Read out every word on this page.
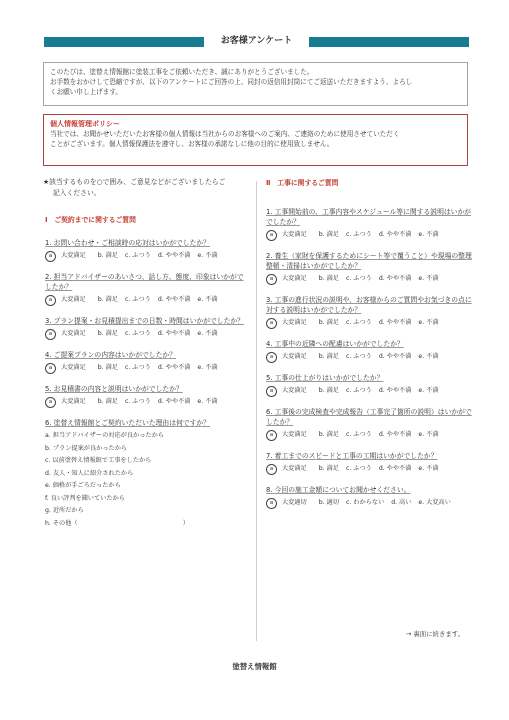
お客様アンケート
このたびは、塗替え情報館に塗装工事をご依頼いただき、誠にありがとうございました。
お手数をおかけして恐縮ですが、以下のアンケートにご回答の上、同封の返信用封筒にてご返送いただきますよう、よろし
くお願い申し上げます。
個人情報管理ポリシー
当社では、お聞かせいただいたお客様の個人情報は当社からのお客様へのご案内、ご連絡のために使用させていただく
ことがございます。個人情報保護法を遵守し、お客様の承諾なしに他の目的に使用致しません。
★該当するものを○で囲み、ご意見などがございましたらご
記入ください。
Ⅰ　ご契約までに関するご質問
1. お問い合わせ・ご相談時の応対はいかがでしたか？
a 大変満足 b. 満足 c. ふつう d. やや不満 e. 不満
2. 担当アドバイザーのあいさつ、話し方、態度、印象はいかがでしたか？
a 大変満足 b. 満足 c. ふつう d. やや不満 e. 不満
3. プラン提案・お見積提出までの日数・時間はいかがでしたか？
a 大変満足 b. 満足 c. ふつう d. やや不満 e. 不満
4. ご提案プランの内容はいかがでしたか？
a 大変満足 b. 満足 c. ふつう d. やや不満 e. 不満
5. お見積書の内容と説明はいかがでしたか？
a 大変満足 b. 満足 c. ふつう d. やや不満 e. 不満
6. 塗替え情報館とご契約いただいた理由は何ですか？
a. 担当アドバイザーの対応が良かったから
b. プラン提案が良かったから
c. 以前塗替え情報館で工事をしたから
d. 友人・知人に紹介されたから
e. 価格が手ごろだったから
f. 良い評判を聞いていたから
g. 近所だから
h. その他（　　　　　　　　　　　　　　　　　）
Ⅱ　工事に関するご質問
1. 工事開始前の、工事内容やスケジュール等に関する説明はいかがでしたか？
a 大変満足 b. 満足 c. ふつう d. やや不満 e. 不満
2. 養生（家財を保護するためにシート等で覆うこと）や現場の整理整頓・清掃はいかがでしたか？
a 大変満足 b. 満足 c. ふつう d. やや不満 e. 不満
3. 工事の進行状況の説明や、お客様からのご質問やお気づきの点に対する説明はいかがでしたか？
a 大変満足 b. 満足 c. ふつう d. やや不満 e. 不満
4. 工事中の近隣への配慮はいかがでしたか？
a 大変満足 b. 満足 c. ふつう d. やや不満 e. 不満
5. 工事の仕上がりはいかがでしたか？
a 大変満足 b. 満足 c. ふつう d. やや不満 e. 不満
6. 工事後の完成検査や完成報告（工事完了箇所の説明）はいかがでしたか？
a 大変満足 b. 満足 c. ふつう d. やや不満 e. 不満
7. 着工までのスピードと工事の工期はいかがでしたか？
a 大変満足 b. 満足 c. ふつう d. やや不満 e. 不満
8. 今回の施工金額についてお聞かせください。
a 大変適切 b. 適切 c. わからない d. 高い e. 大変高い
→ 裏面に続きます。
塗替え情報館
